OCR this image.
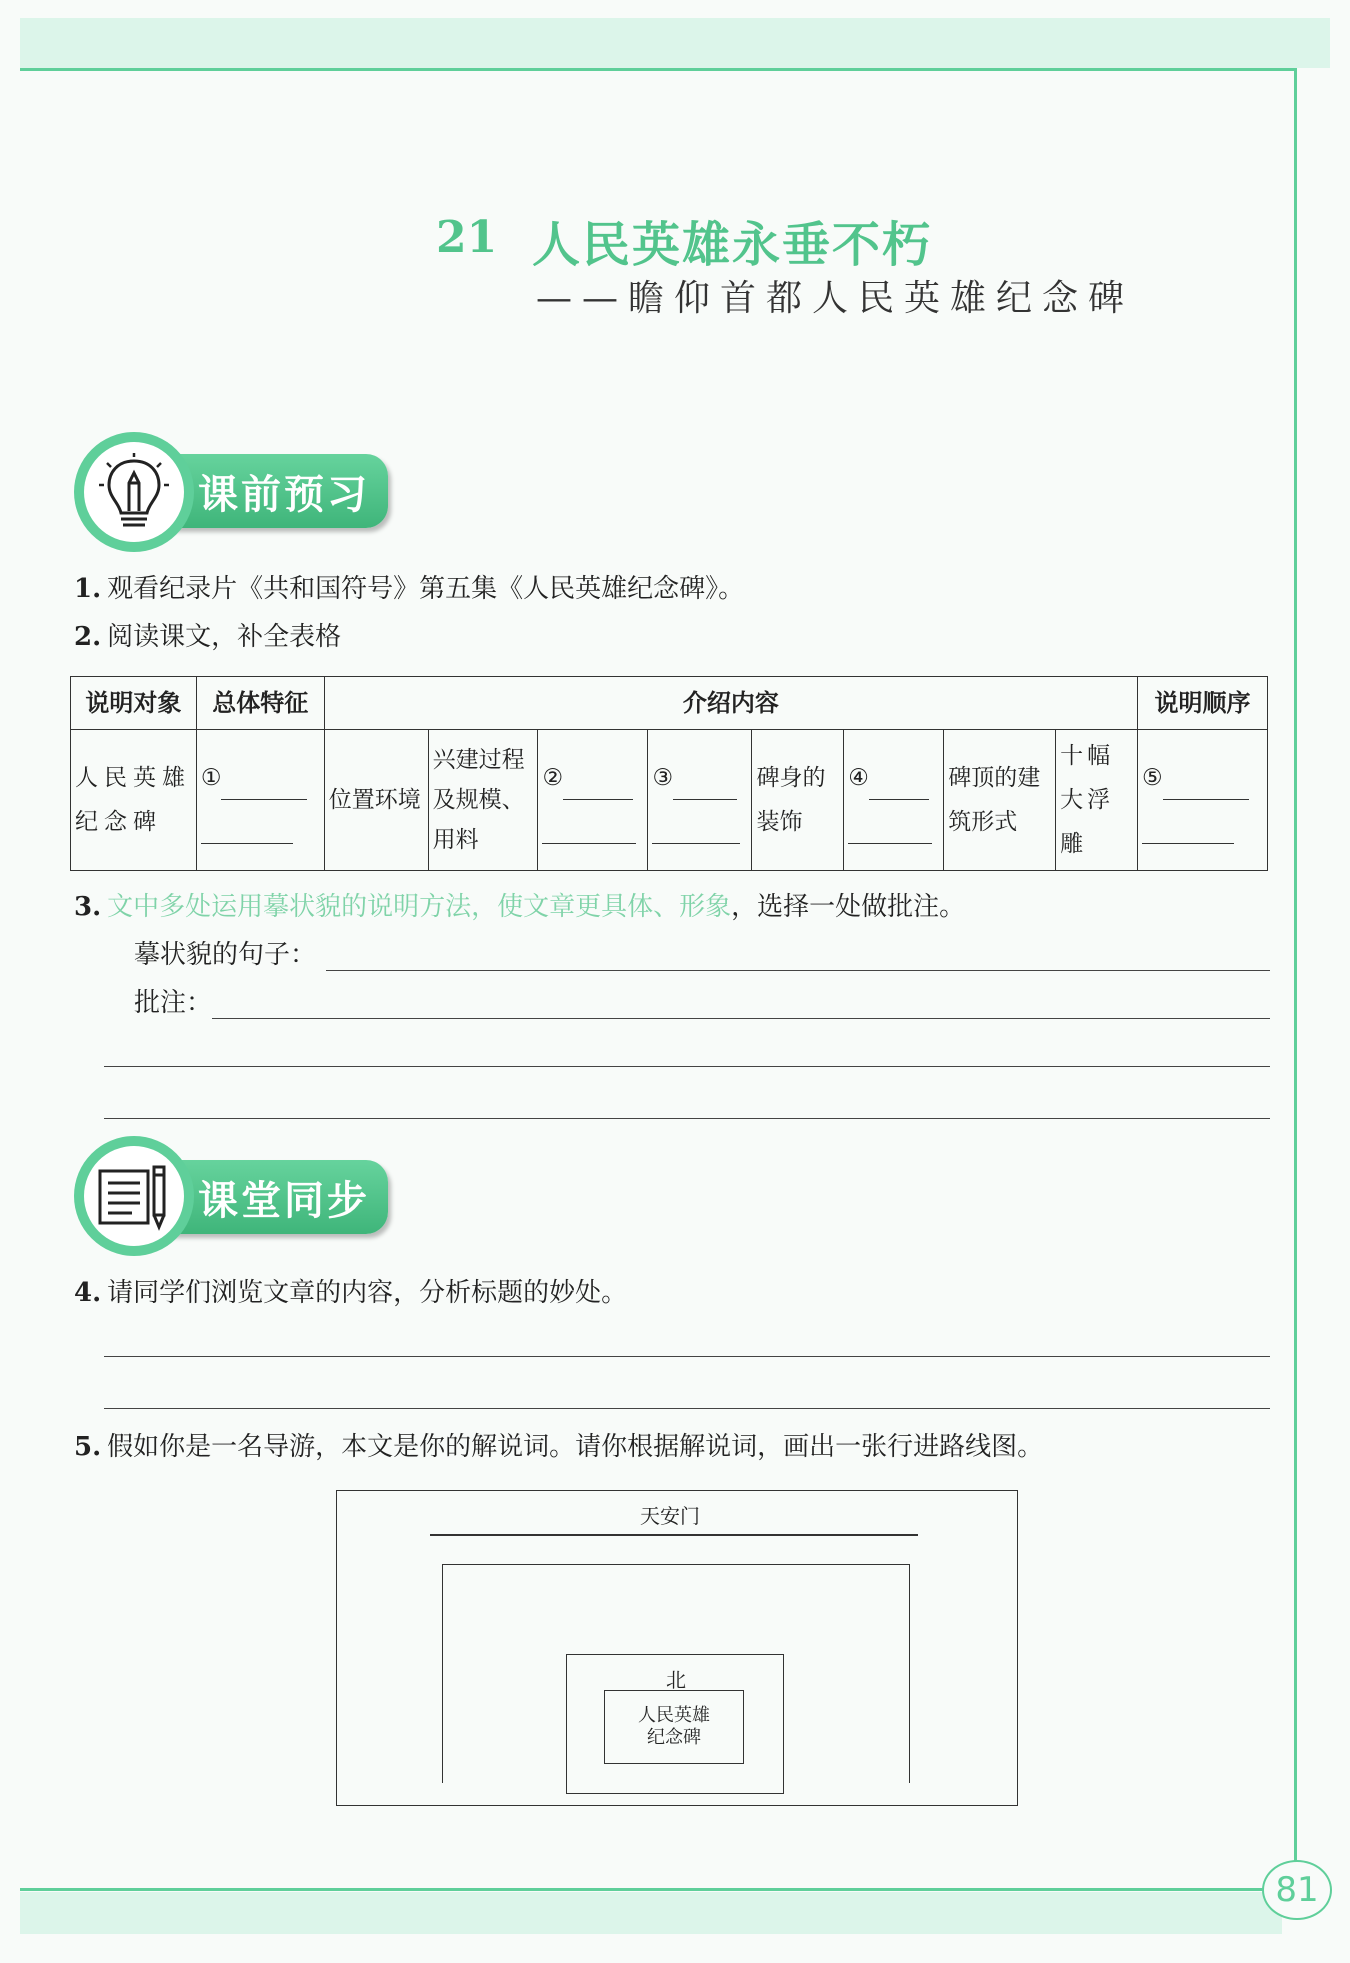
81
21 人民英雄永垂不朽
——瞻仰首都人民英雄纪念碑
课前预习
1. 观看纪录片《共和国符号》第五集《人民英雄纪念碑》。
2. 阅读课文，补全表格
说明对象	总体特征	介绍内容								说明顺序
人民英雄纪念碑	①	位置环境	兴建过程及规模、用料	②	③	碑身的装饰	④	碑顶的建筑形式	十幅大浮雕	⑤

3. 文中多处运用摹状貌的说明方法，使文章更具体、形象，选择一处做批注。
摹状貌的句子：
批注：
课堂同步
4. 请同学们浏览文章的内容，分析标题的妙处。
5. 假如你是一名导游，本文是你的解说词。请你根据解说词，画出一张行进路线图。
天安门
北
人民英雄
纪念碑
